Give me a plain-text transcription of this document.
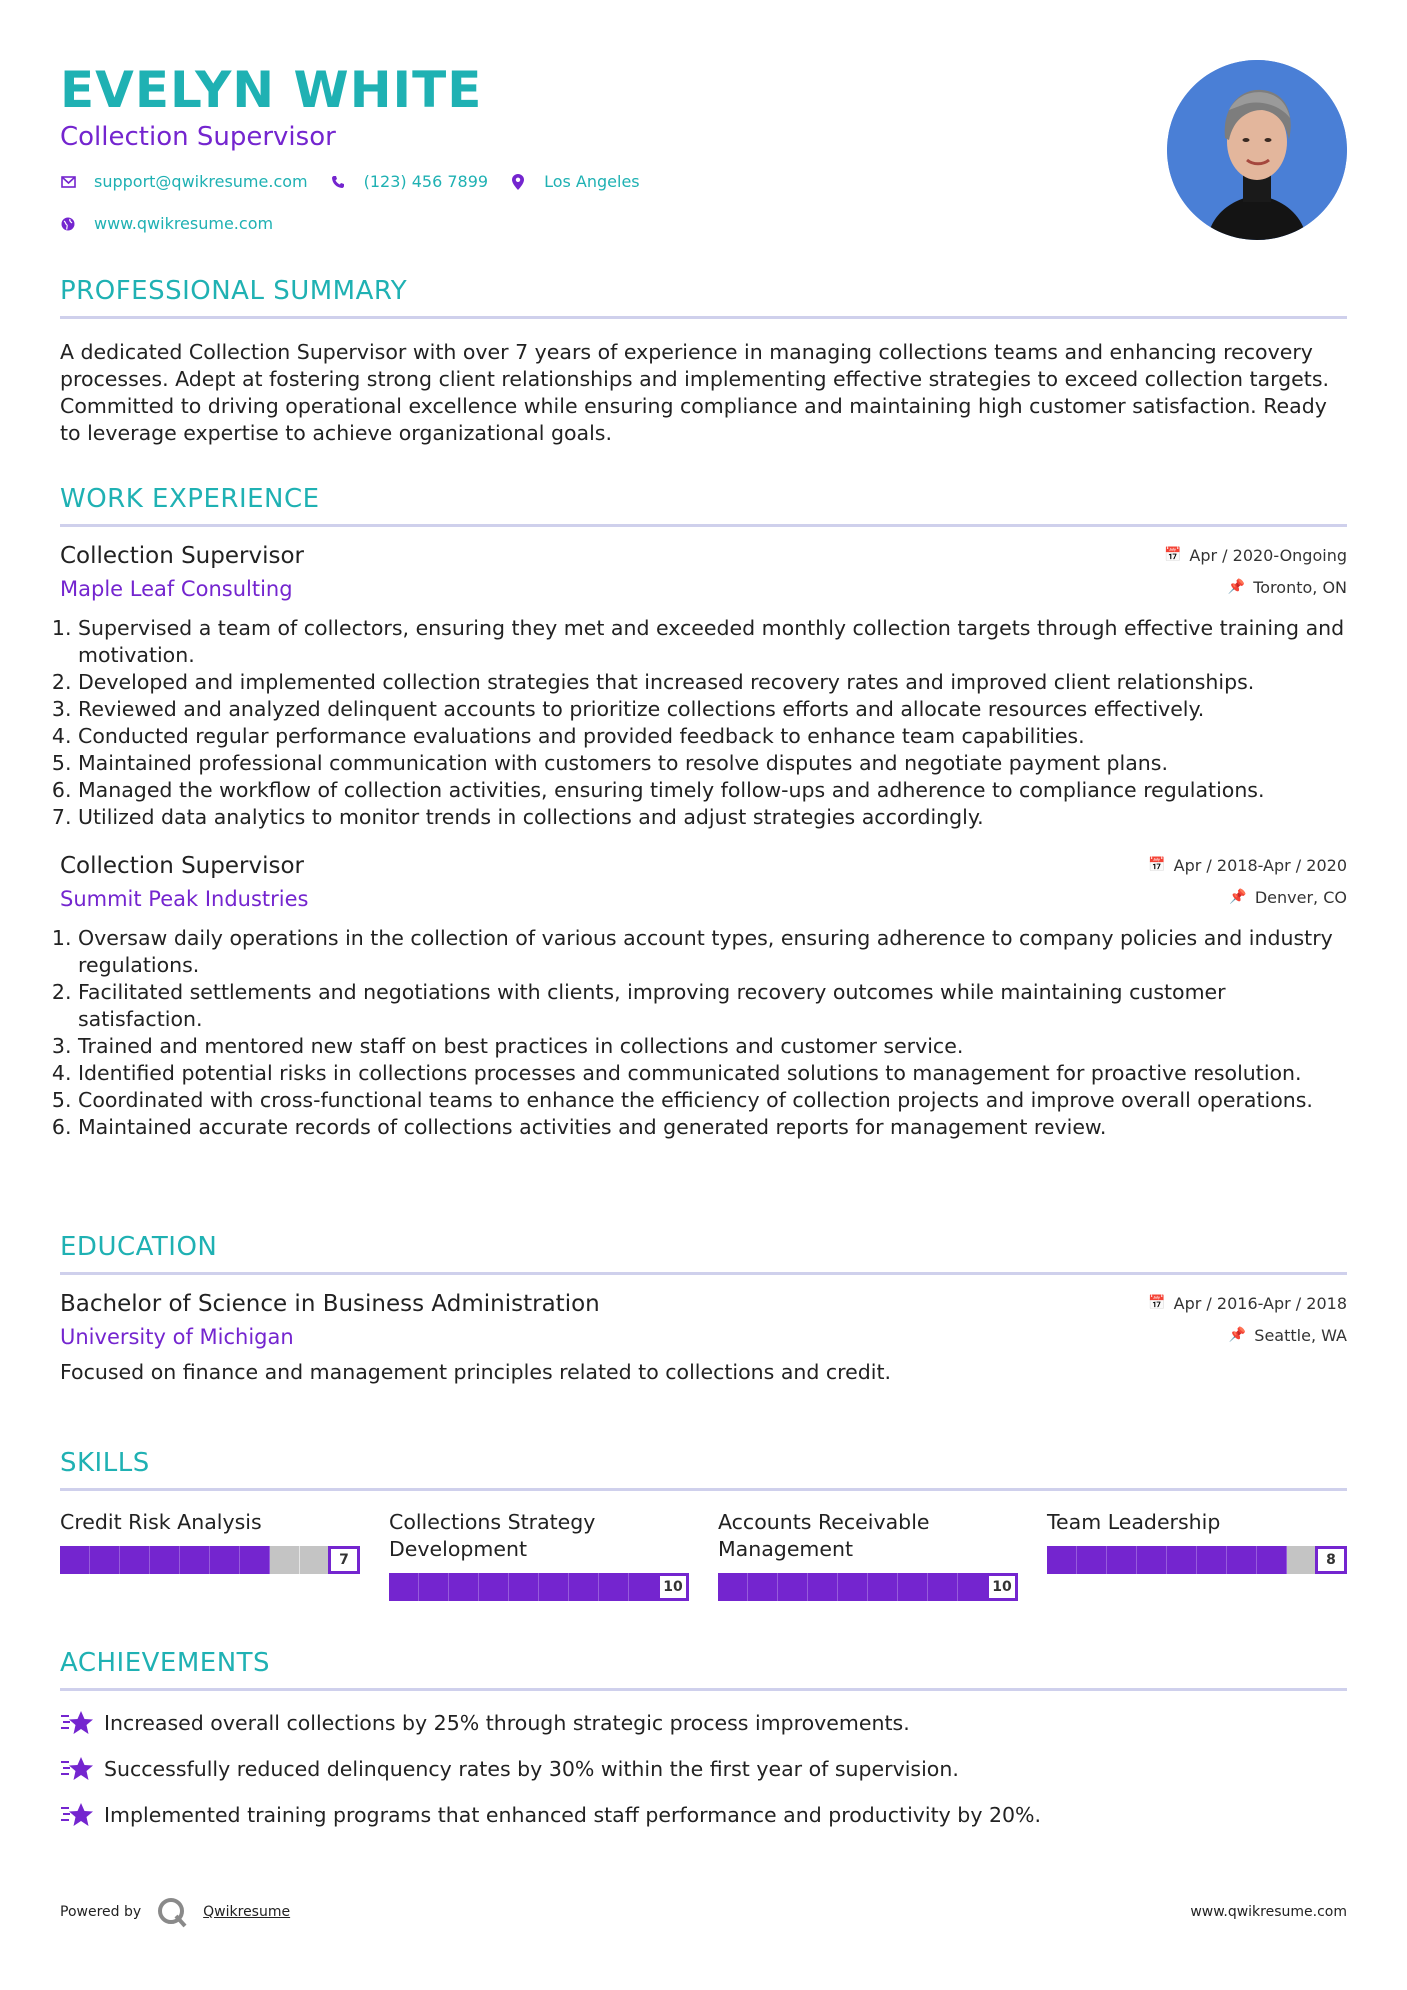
EVELYN WHITE
Collection Supervisor
support@qwikresume.com	(123) 456 7899	Los Angeles
www.qwikresume.com
PROFESSIONAL SUMMARY
A dedicated Collection Supervisor with over 7 years of experience in managing collections teams and enhancing recovery processes. Adept at fostering strong client relationships and implementing effective strategies to exceed collection targets. Committed to driving operational excellence while ensuring compliance and maintaining high customer satisfaction. Ready to leverage expertise to achieve organizational goals.
WORK EXPERIENCE
Collection Supervisor
Maple Leaf Consulting
📅 Apr / 2020-Ongoing
📌 Toronto, ON
1. Supervised a team of collectors, ensuring they met and exceeded monthly collection targets through effective training and motivation.
2. Developed and implemented collection strategies that increased recovery rates and improved client relationships.
3. Reviewed and analyzed delinquent accounts to prioritize collections efforts and allocate resources effectively.
4. Conducted regular performance evaluations and provided feedback to enhance team capabilities.
5. Maintained professional communication with customers to resolve disputes and negotiate payment plans.
6. Managed the workflow of collection activities, ensuring timely follow-ups and adherence to compliance regulations.
7. Utilized data analytics to monitor trends in collections and adjust strategies accordingly.
Collection Supervisor
Summit Peak Industries
📅 Apr / 2018-Apr / 2020
📌 Denver, CO
1. Oversaw daily operations in the collection of various account types, ensuring adherence to company policies and industry regulations.
2. Facilitated settlements and negotiations with clients, improving recovery outcomes while maintaining customer satisfaction.
3. Trained and mentored new staff on best practices in collections and customer service.
4. Identified potential risks in collections processes and communicated solutions to management for proactive resolution.
5. Coordinated with cross-functional teams to enhance the efficiency of collection projects and improve overall operations.
6. Maintained accurate records of collections activities and generated reports for management review.
EDUCATION
Bachelor of Science in Business Administration
University of Michigan
📅 Apr / 2016-Apr / 2018
📌 Seattle, WA
Focused on finance and management principles related to collections and credit.
SKILLS
Credit Risk Analysis
7
Collections Strategy Development
10
Accounts Receivable Management
10
Team Leadership
8
ACHIEVEMENTS
Increased overall collections by 25% through strategic process improvements.
Successfully reduced delinquency rates by 30% within the first year of supervision.
Implemented training programs that enhanced staff performance and productivity by 20%.
Powered by	Qwikresume	www.qwikresume.com
